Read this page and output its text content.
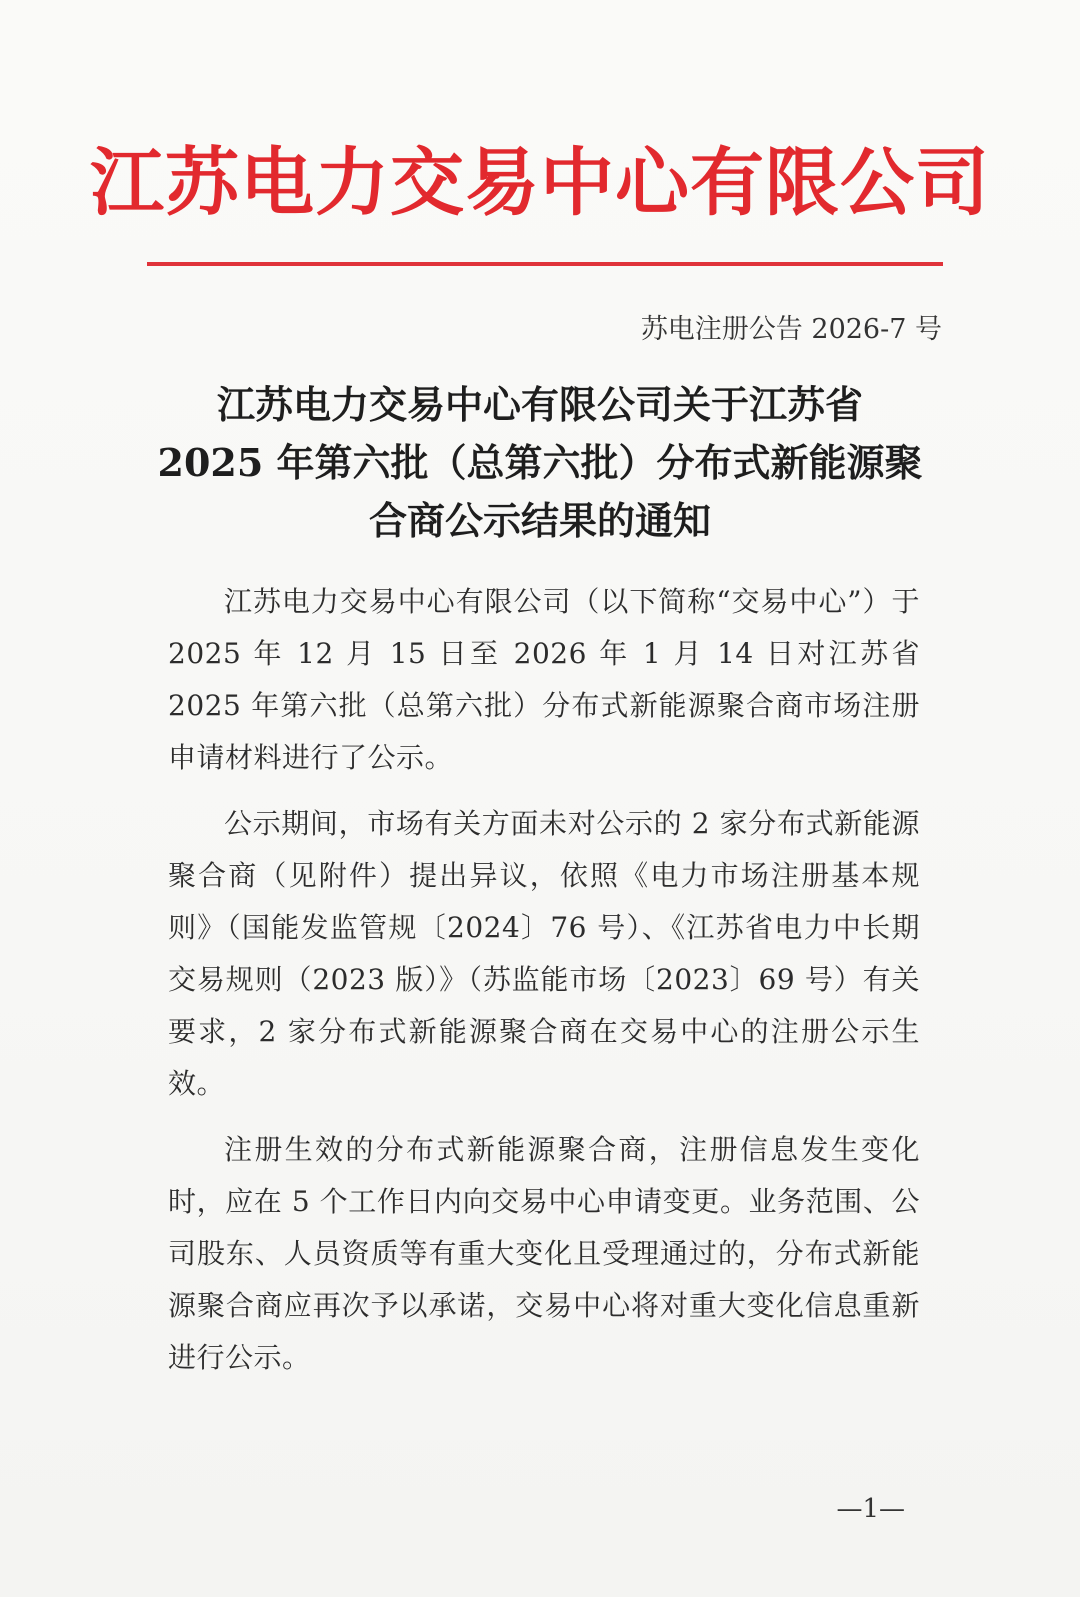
江苏电力交易中心有限公司
苏电注册公告 2026-7 号
江苏电力交易中心有限公司关于江苏省
2025 年第六批（总第六批）分布式新能源聚
合商公示结果的通知

江苏电力交易中心有限公司（以下简称“交易中心”）于 2025 年 12 月 15 日至 2026 年 1 月 14 日对江苏省 2025 年第六批（总第六批）分布式新能源聚合商市场注册申请材料进行了公示。

公示期间，市场有关方面未对公示的 2 家分布式新能源聚合商（见附件）提出异议，依照《电力市场注册基本规则》（国能发监管规〔2024〕76 号）、《江苏省电力中长期交易规则（2023 版）》（苏监能市场〔2023〕69 号）有关要求，2 家分布式新能源聚合商在交易中心的注册公示生效。

注册生效的分布式新能源聚合商，注册信息发生变化时，应在 5 个工作日内向交易中心申请变更。业务范围、公司股东、人员资质等有重大变化且受理通过的，分布式新能源聚合商应再次予以承诺，交易中心将对重大变化信息重新进行公示。

—1—
